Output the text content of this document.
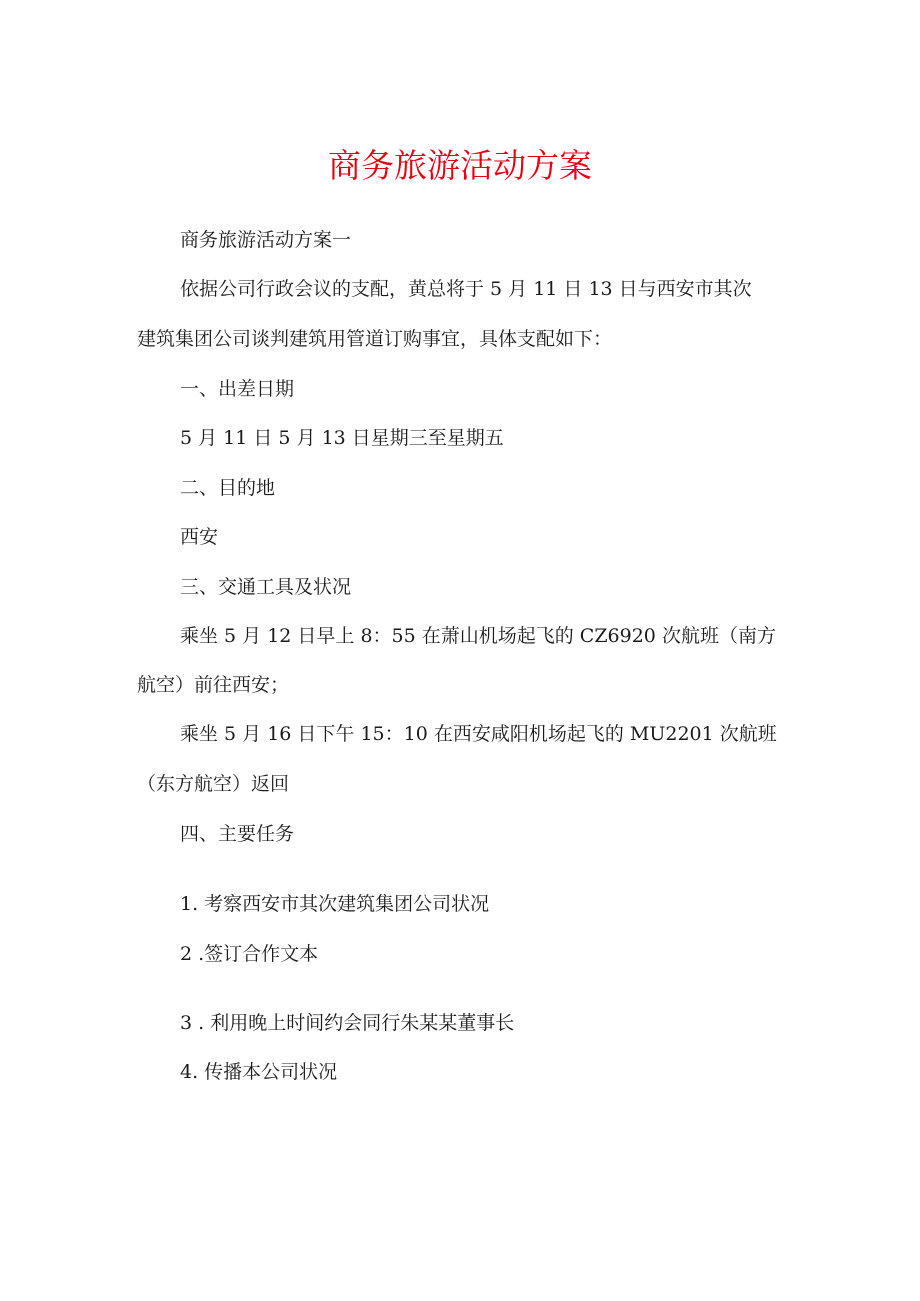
商务旅游活动方案
商务旅游活动方案一
依据公司行政会议的支配，黄总将于 5 月 11 日 13 日与西安市其次
建筑集团公司谈判建筑用管道订购事宜，具体支配如下：
一、出差日期
5 月 11 日 5 月 13 日星期三至星期五
二、目的地
西安
三、交通工具及状况
乘坐 5 月 12 日早上 8：55 在萧山机场起飞的 CZ6920 次航班（南方
航空）前往西安；
乘坐 5 月 16 日下午 15：10 在西安咸阳机场起飞的 MU2201 次航班
（东方航空）返回
四、主要任务
1. 考察西安市其次建筑集团公司状况
2 .签订合作文本
3 . 利用晚上时间约会同行朱某某董事长
4. 传播本公司状况
